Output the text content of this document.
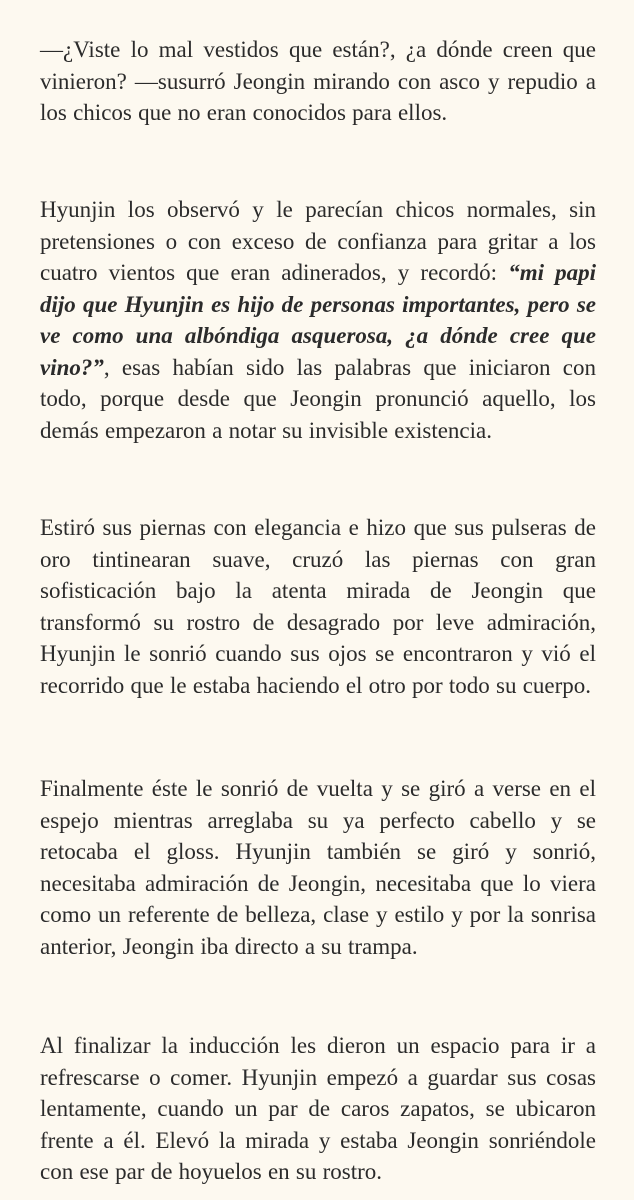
—¿Viste lo mal vestidos que están?, ¿a dónde creen que vinieron? —susurró Jeongin mirando con asco y repudio a los chicos que no eran conocidos para ellos.

Hyunjin los observó y le parecían chicos normales, sin pretensiones o con exceso de confianza para gritar a los cuatro vientos que eran adinerados, y recordó: “mi papi dijo que Hyunjin es hijo de personas importantes, pero se ve como una albóndiga asquerosa, ¿a dónde cree que vino?”, esas habían sido las palabras que iniciaron con todo, porque desde que Jeongin pronunció aquello, los demás empezaron a notar su invisible existencia.

Estiró sus piernas con elegancia e hizo que sus pulseras de oro tintinearan suave, cruzó las piernas con gran sofisticación bajo la atenta mirada de Jeongin que transformó su rostro de desagrado por leve admiración, Hyunjin le sonrió cuando sus ojos se encontraron y vió el recorrido que le estaba haciendo el otro por todo su cuerpo.

Finalmente éste le sonrió de vuelta y se giró a verse en el espejo mientras arreglaba su ya perfecto cabello y se retocaba el gloss. Hyunjin también se giró y sonrió, necesitaba admiración de Jeongin, necesitaba que lo viera como un referente de belleza, clase y estilo y por la sonrisa anterior, Jeongin iba directo a su trampa.

Al finalizar la inducción les dieron un espacio para ir a refrescarse o comer. Hyunjin empezó a guardar sus cosas lentamente, cuando un par de caros zapatos, se ubicaron frente a él. Elevó la mirada y estaba Jeongin sonriéndole con ese par de hoyuelos en su rostro.
